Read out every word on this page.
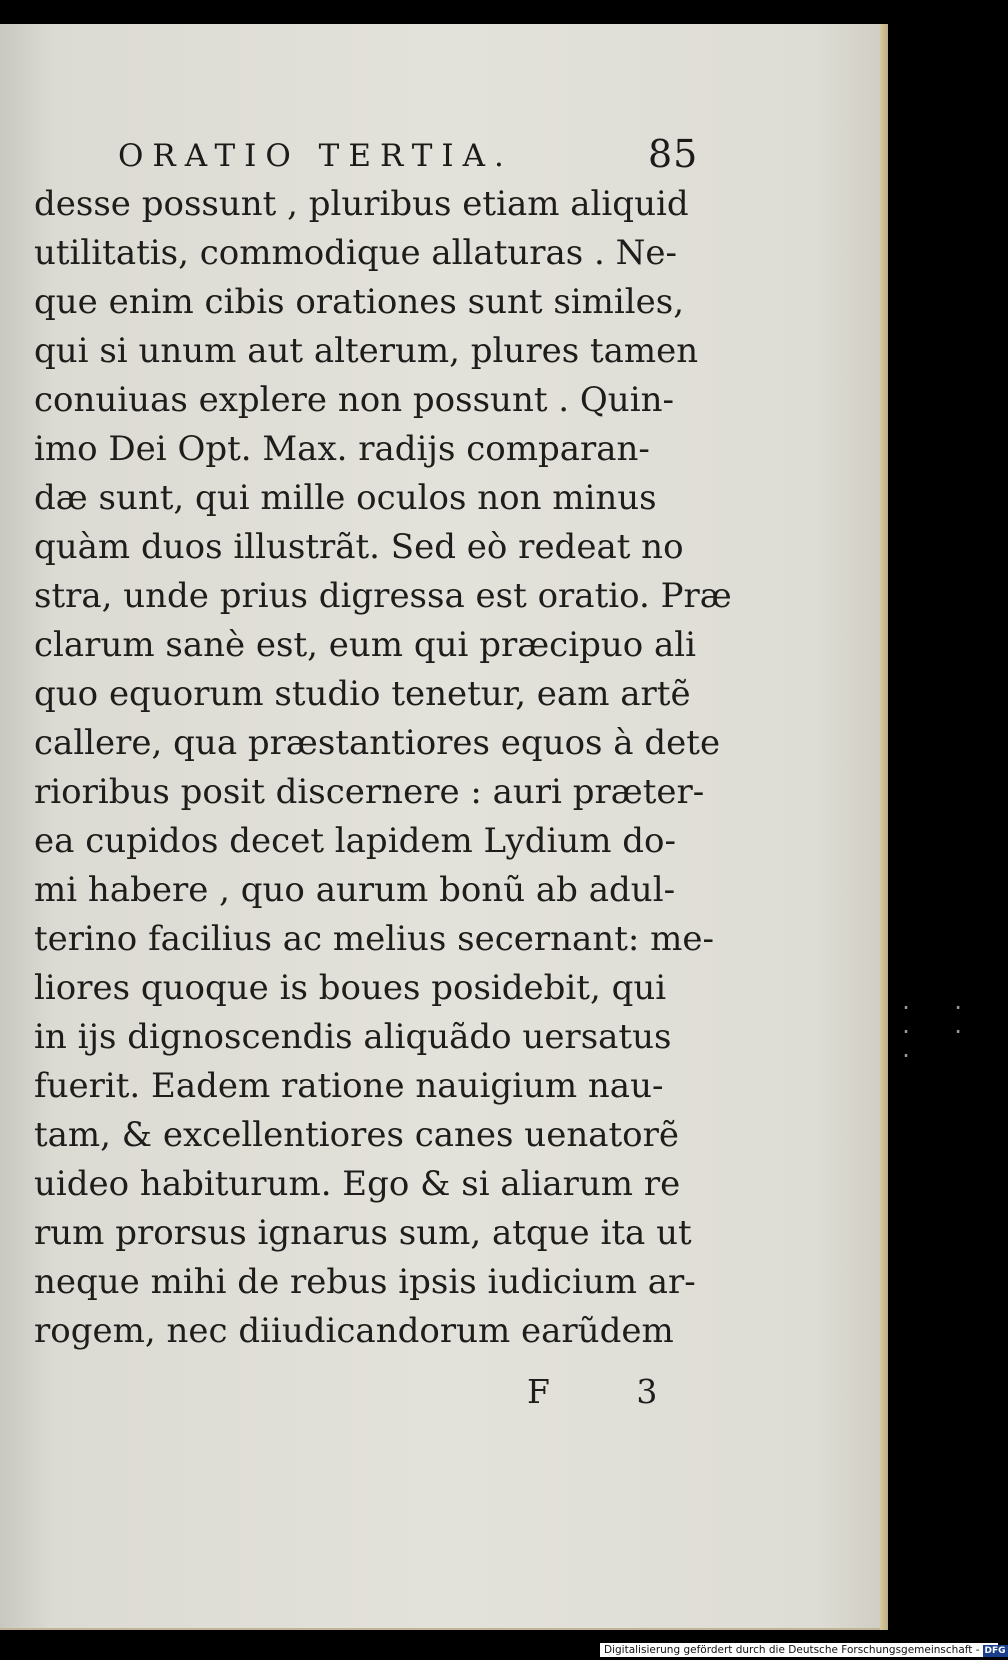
ORATIO TERTIA.	85
desse possunt , pluribus etiam aliquid
utilitatis, commodique allaturas . Ne-
que enim cibis orationes sunt similes,
qui si unum aut alterum, plures tamen
conuiuas explere non possunt . Quin-
imo Dei Opt. Max. radijs comparan-
dæ sunt, qui mille oculos non minus
quàm duos illustrãt. Sed eò redeat no
stra, unde prius digressa est oratio. Præ
clarum sanè est, eum qui præcipuo ali
quo equorum studio tenetur, eam artẽ
callere, qua præstantiores equos à dete
rioribus posit discernere : auri præter-
ea cupidos decet lapidem Lydium do-
mi habere , quo aurum bonũ ab adul-
terino facilius ac melius secernant: me-
liores quoque is boues posidebit, qui
in ijs dignoscendis aliquãdo uersatus
fuerit. Eadem ratione nauigium nau-
tam, & excellentiores canes uenatorẽ
uideo habiturum. Ego & si aliarum re
rum prorsus ignarus sum, atque ita ut
neque mihi de rebus ipsis iudicium ar-
rogem, nec diiudicandorum earũdem
F 3
. . . . .
Digitalisierung gefördert durch die Deutsche Forschungsgemeinschaft - DFG
